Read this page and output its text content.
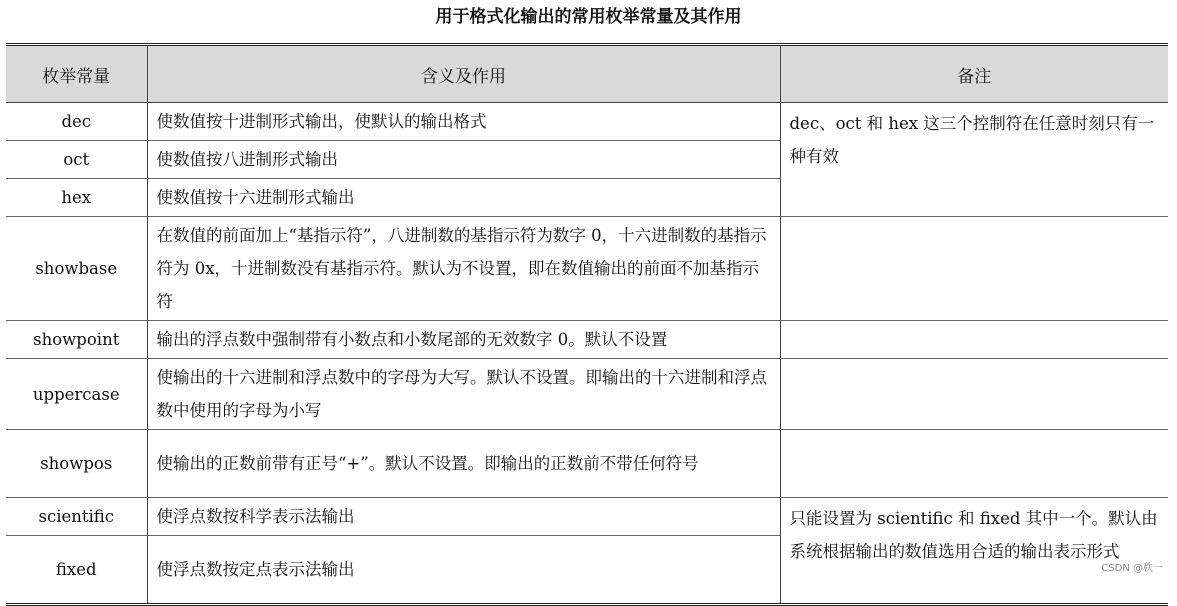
用于格式化输出的常用枚举常量及其作用
枚举常量	含义及作用	备注
dec	使数值按十进制形式输出，使默认的输出格式	dec、oct 和 hex 这三个控制符在任意时刻只有一种有效
oct	使数值按八进制形式输出	
hex	使数值按十六进制形式输出	
showbase	在数值的前面加上“基指示符”，八进制数的基指示符为数字 0，十六进制数的基指示符为 0x，十进制数没有基指示符。默认为不设置，即在数值输出的前面不加基指示符	
showpoint	输出的浮点数中强制带有小数点和小数尾部的无效数字 0。默认不设置	
uppercase	使输出的十六进制和浮点数中的字母为大写。默认不设置。即输出的十六进制和浮点数中使用的字母为小写	
showpos	使输出的正数前带有正号“+”。默认不设置。即输出的正数前不带任何符号	
scientific	使浮点数按科学表示法输出	只能设置为 scientific 和 fixed 其中一个。默认由系统根据输出的数值选用合适的输出表示形式
fixed	使浮点数按定点表示法输出		CSDN @秩一
